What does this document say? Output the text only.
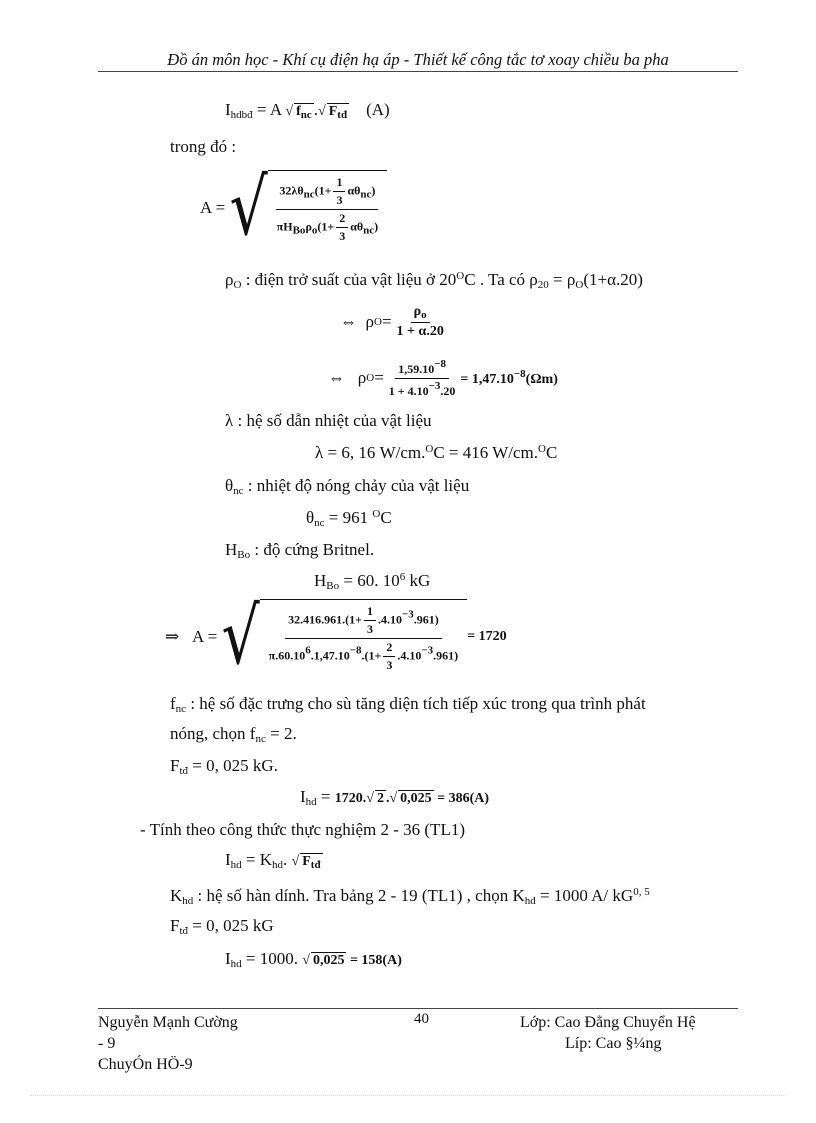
Đồ án môn học - Khí cụ điện hạ áp - Thiết kế công tắc tơ xoay chiều ba pha
$I_{hdbđ} = A$ √ $f_{nc}$ .√ $F_{tđ}$ (A)
trong đó :
A =
√ $\frac{32\lambda\theta_{nc}(1+ \frac{1}{3} \alpha\theta_{nc})}{\pi H_{Bo}\rho_o(1+ \frac{2}{3} \alpha\theta_{nc})}$
$\rho_O$ : điện trở suất của vật liệu ở $20^OC$ . Ta có $\rho_{20} = \rho_O(1+\alpha.20)$
⇔
ρ $O = \frac{\rho_o}{1 + \alpha.20}$
⇔
ρ $O = \frac{1,59.10^{-8}}{1 + 4.10^{-3}.20} = 1,47.10^{-8}(\Omega m)$
λ : hệ số dẫn nhiệt của vật liệu
λ = 6, 16 W/cm.$^O$C = 416 W/cm.$^O$C
$\theta_{nc}$ : nhiệt độ nóng chảy của vật liệu
$\theta_{nc} = 961$ $^O$C
$H_{Bo}$ : độ cứng Britnel.
$H_{Bo} = 60$. $10^6$ kG
⇒
A =
√ $\frac{32.416.961.(1+ \frac{1}{3} .4.10^{-3}.961)}{\pi.60.10^6.1,47.10^{-8}.(1+ \frac{2}{3} .4.10^{-3}.961)} = 1720$
$f_{nc}$ : hệ số đặc trưng cho sù tăng diện tích tiếp xúc trong qua trình phát
nóng, chọn $f_{nc} = 2$.
$F_{tđ} = 0$, 025 kG.
$I_{hd} = 1720.√$ 2 .√ 0,025 = 386(A)
- Tính theo công thức thực nghiệm 2 - 36 (TL1)
$I_{hd} = K_{hd}$. √ $F_{tđ}$
$K_{hd}$ : hệ số hàn dính. Tra bảng 2 - 19 (TL1) , chọn $K_{hd} = 1000$ A/ kG$^{0, 5}$
$F_{tđ} = 0$, 025 kG
$I_{hd} = 1000$. √ 0,025 = 158(A)
Nguyễn Mạnh Cường
- 9
ChuyÓn HÖ-9
40	Lớp: Cao Đẳng Chuyển Hệ
Líp: Cao §¼ng
